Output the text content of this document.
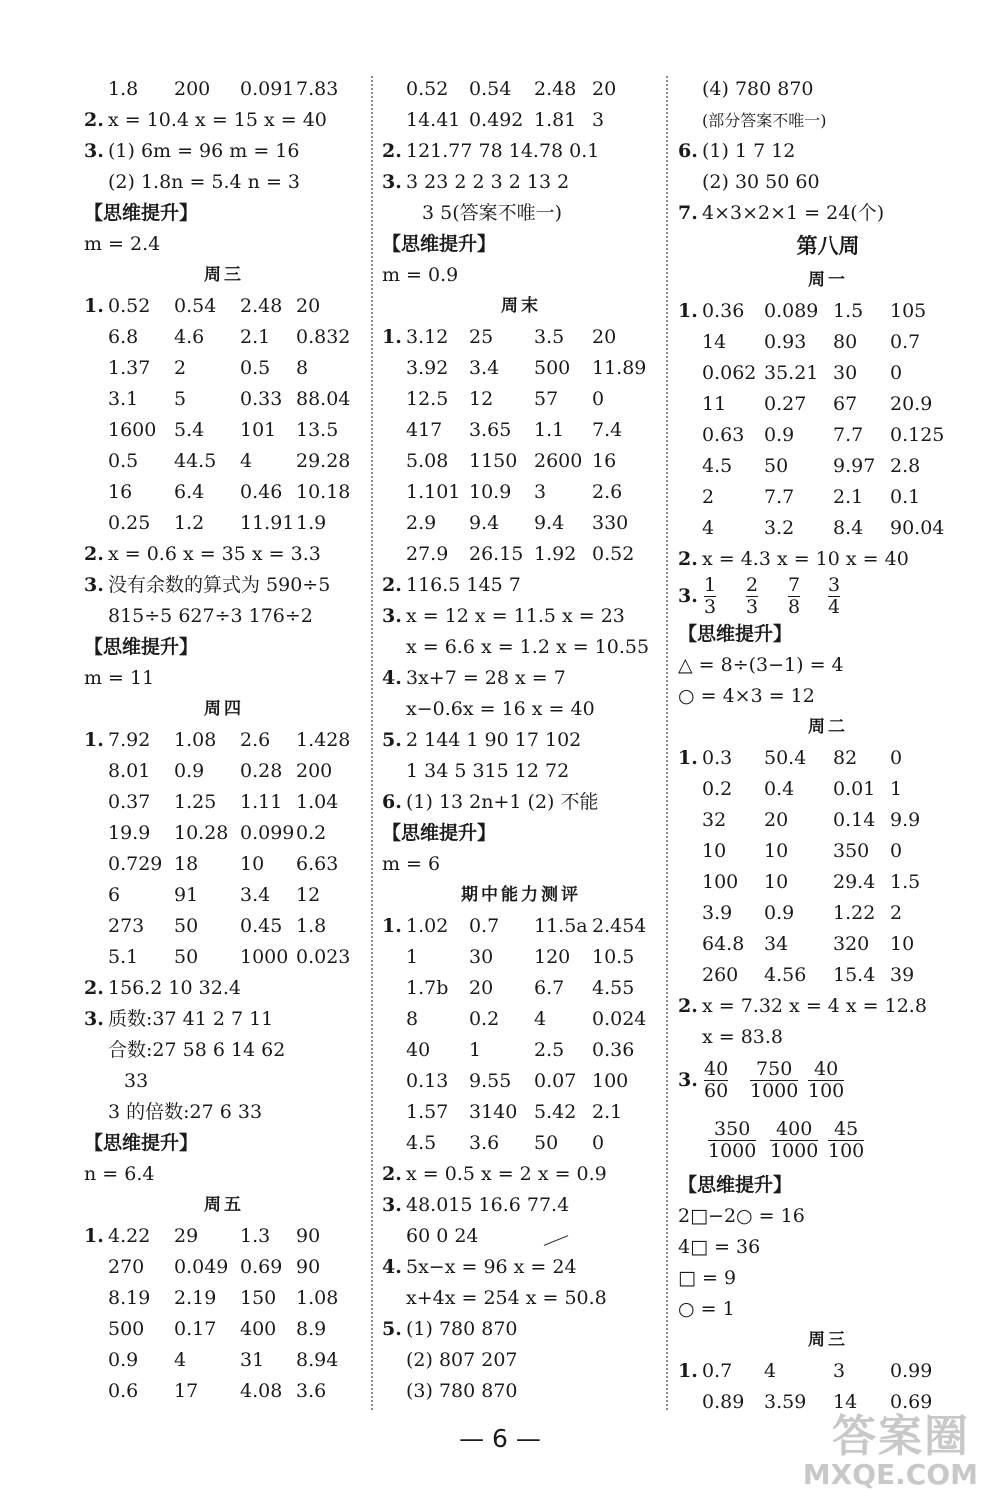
1.8 200 0.091 7.83
2. x = 10.4 x = 15 x = 40
3. (1) 6m = 96 m = 16
(2) 1.8n = 5.4 n = 3
【思维提升】
m = 2.4
周三
1. 0.52 0.54 2.48 20
6.8 4.6 2.1 0.832
1.37 2	0.5 8
3.1 5	0.33 88.04
1600 5.4 101 13.5
0.5 44.5 4 29.28
16 6.4 0.46 10.18
0.25 1.2 11.91 1.9
2. x = 0.6 x = 35 x = 3.3
3. 没有余数的算式为 590÷5
815÷5 627÷3 176÷2
【思维提升】
m = 11
周四
1. 7.92 1.08 2.6 1.428
8.01 0.9 0.28 200
0.37 1.25 1.11 1.04
19.9 10.28 0.099 0.2
0.729 18 10 6.63
6	91 3.4 12
273 50 0.45 1.8
5.1 50 1000 0.023
2. 156.2 10 32.4
3. 质数:37 41 2 7 11
合数:27 58 6 14 62
33
3 的倍数:27 6 33
【思维提升】
n = 6.4
周五
1. 4.22 29 1.3 90
270 0.049 0.69 90
8.19 2.19 150 1.08
500 0.17 400 8.9
0.9 4	31 8.94
0.6 17 4.08 3.6
0.52 0.54 2.48 20
14.41 0.492 1.81 3
2. 121.77 78 14.78 0.1
3. 3 23 2 2 3 2 13 2
3 5(答案不唯一)
【思维提升】
m = 0.9
周末
1. 3.12 25 3.5 20
3.92 3.4 500 11.89
12.5 12 57 0
417 3.65 1.1 7.4
5.08 1150 2600 16
1.101 10.9 3 2.6
2.9 9.4 9.4 330
27.9 26.15 1.92 0.52
2. 116.5 145 7
3. x = 12 x = 11.5 x = 23
x = 6.6 x = 1.2 x = 10.55
4. 3x+7 = 28 x = 7
x−0.6x = 16 x = 40
5. 2 144 1 90 17 102
1 34 5 315 12 72
6. (1) 13 2n+1 (2) 不能
【思维提升】
m = 6
期中能力测评
1. 1.02 0.7 11.5a 2.454
1	30 120 10.5
1.7b 20 6.7 4.55
8	0.2 4 0.024
40 1	2.5 0.36
0.13 9.55 0.07 100
1.57 3140 5.42 2.1
4.5 3.6 50 0
2. x = 0.5 x = 2 x = 0.9
3. 48.015 16.6 77.4
60 0 24
4. 5x−x = 96 x = 24
x+4x = 254 x = 50.8
5. (1) 780 870
(2) 807 207
(3) 780 870
(4) 780 870
(部分答案不唯一)
6. (1) 1 7 12
(2) 30 50 60
7. 4×3×2×1 = 24(个)
第八周
周一
1. 0.36 0.089 1.5 105
14 0.93 80 0.7
0.062 35.21 30 0
11 0.27 67 20.9
0.63 0.9 7.7 0.125
4.5 50 9.97 2.8
2	7.7 2.1 0.1
4	3.2 8.4 90.04
2. x = 4.3 x = 10 x = 40
3. $\frac{1}{3} \frac{2}{3} \frac{7}{8} \frac{3}{4}$
【思维提升】
△ = 8÷(3−1) = 4
○ = 4×3 = 12
周二
1. 0.3 50.4 82 0
0.2 0.4 0.01 1
32 20 0.14 9.9
10 10 350 0
100 10 29.4 1.5
3.9 0.9 1.22 2
64.8 34 320 10
260 4.56 15.4 39
2. x = 7.32 x = 4 x = 12.8
x = 83.8
3. $\frac{40}{60} \frac{750}{1000} \frac{40}{100}$
$\frac{350}{1000} \frac{400}{1000} \frac{45}{100}$
【思维提升】
2□−2○ = 16
4□ = 36
□ = 9
○ = 1
周三
1. 0.7 4	3 0.99
0.89 3.59 14 0.69
— 6 —	答案圈
MXQE.COM
